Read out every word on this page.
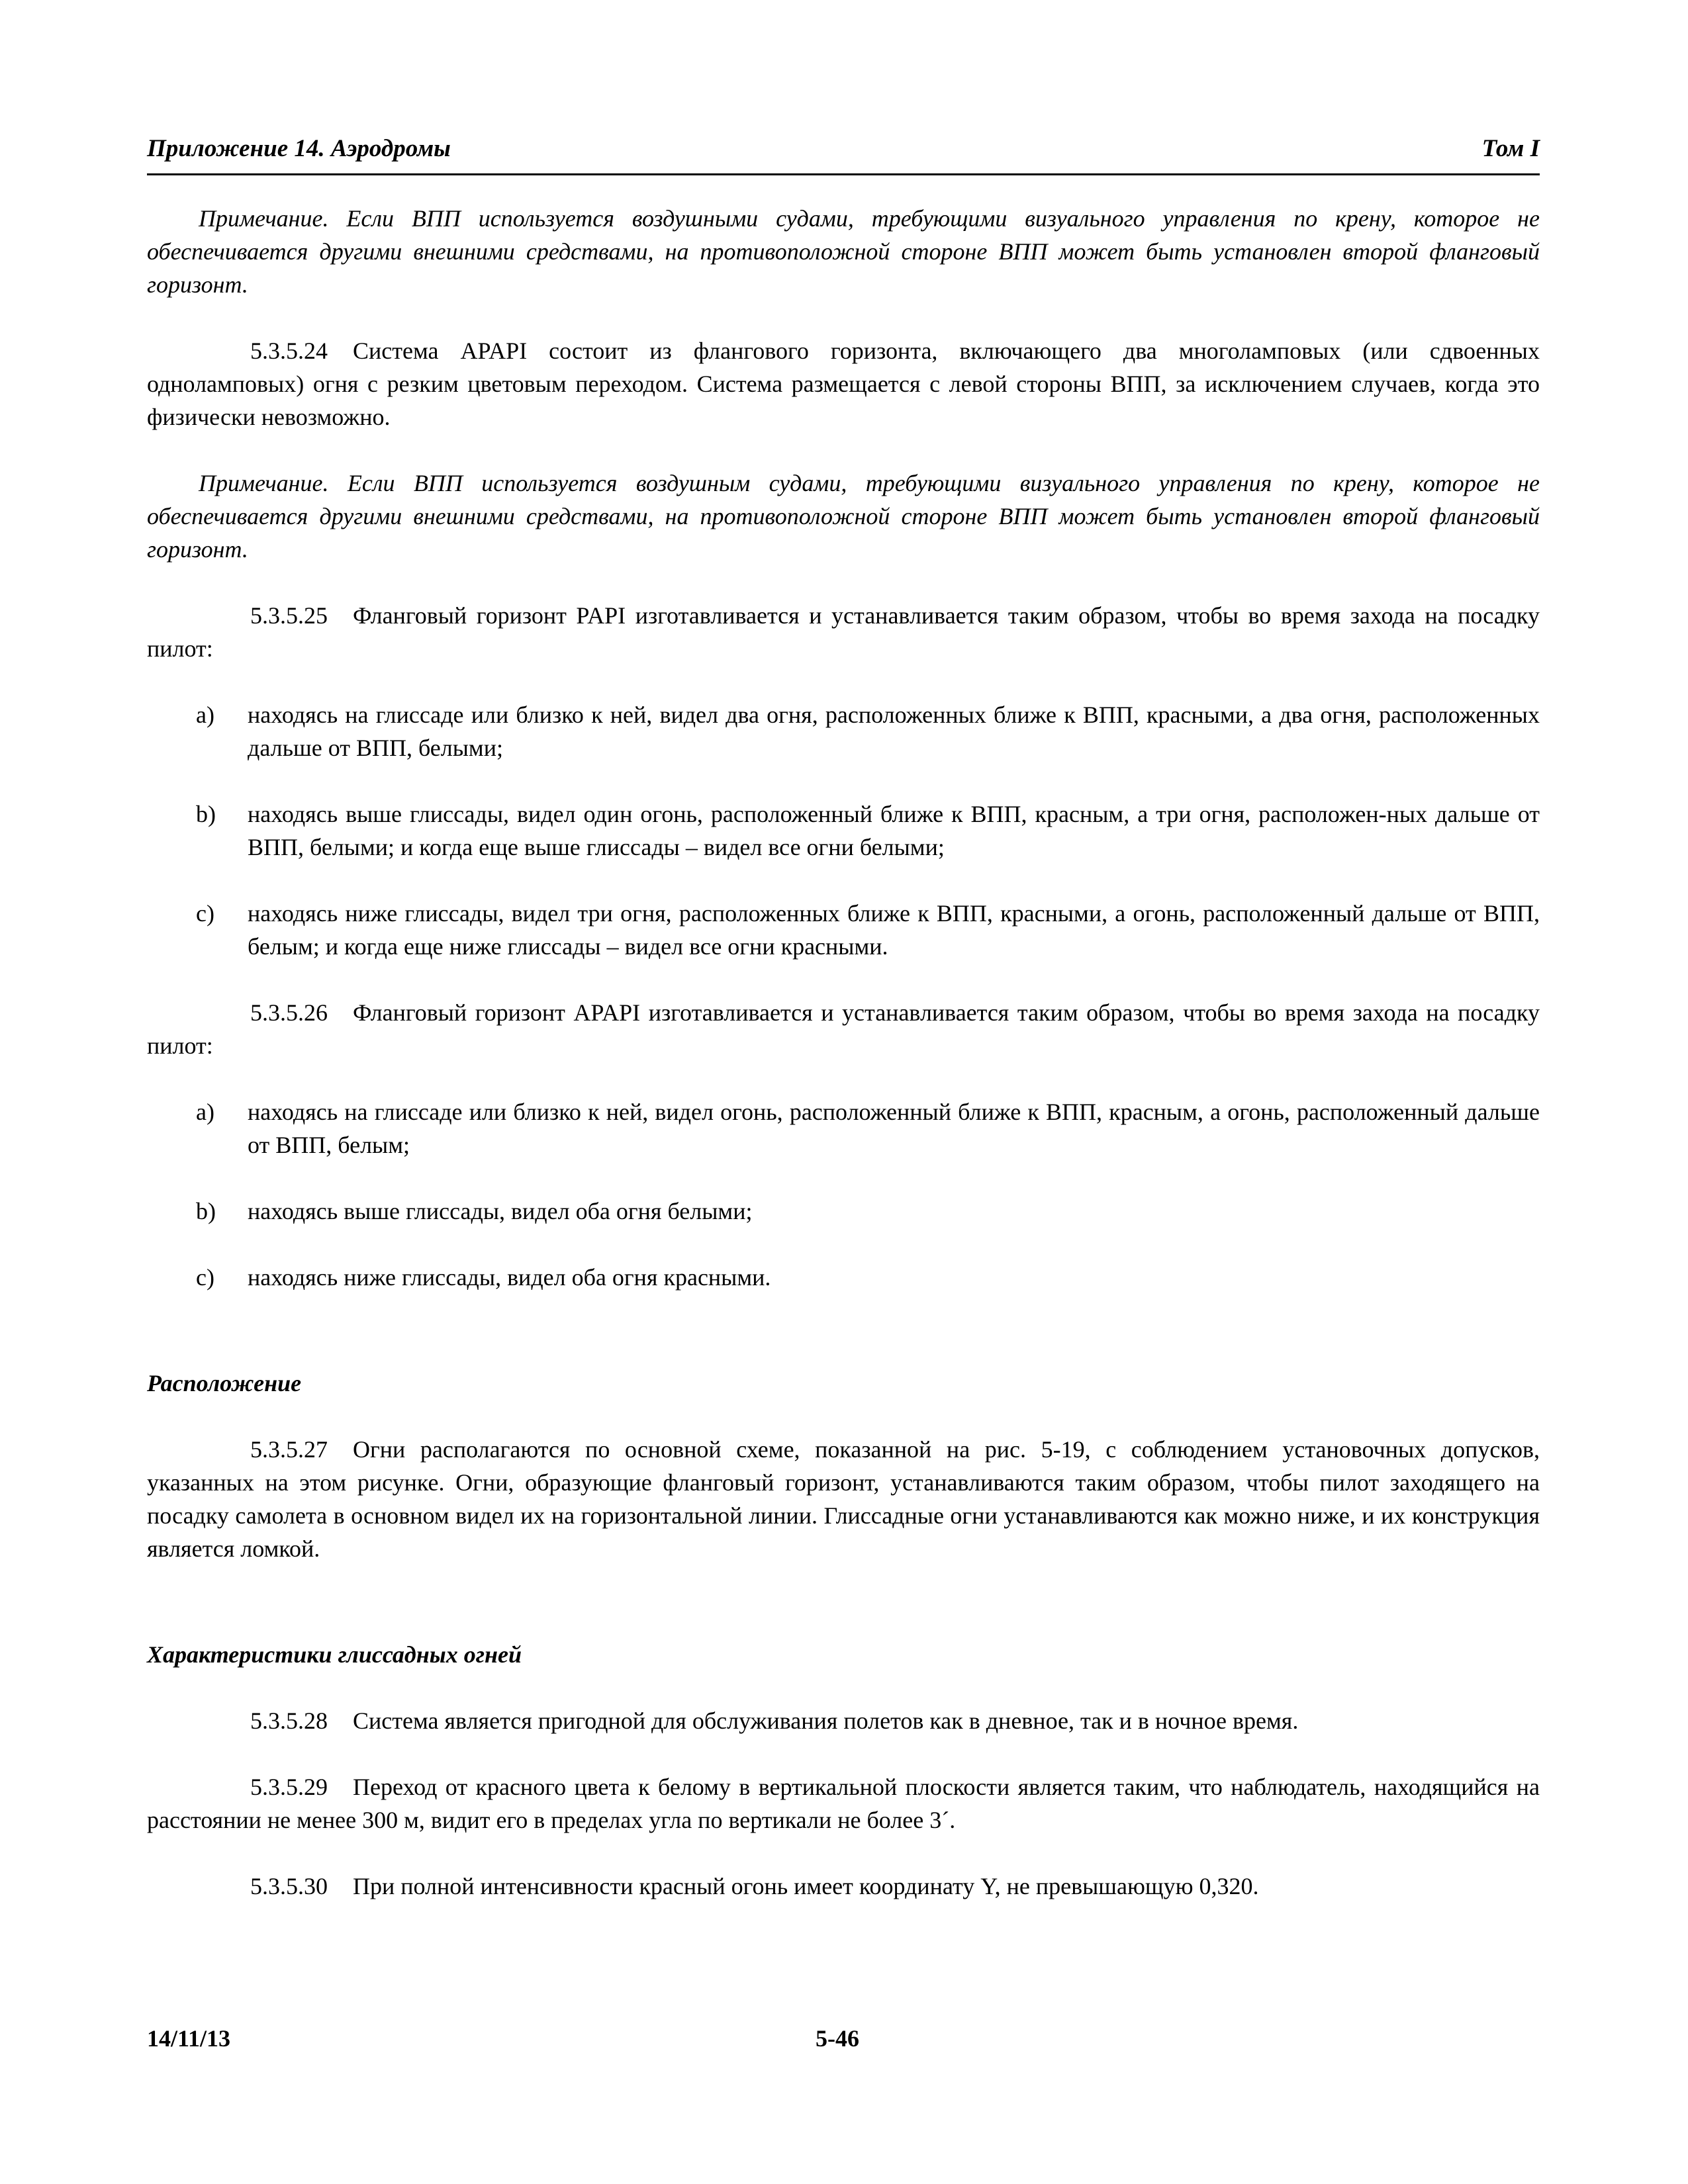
Приложение 14. Аэродромы	Том I

Примечание. Если ВПП используется воздушными судами, требующими визуального управления по крену, которое не обеспечивается другими внешними средствами, на противоположной стороне ВПП может быть установлен второй фланговый горизонт.

5.3.5.24 Система APAPI состоит из флангового горизонта, включающего два многоламповых (или сдвоенных одноламповых) огня с резким цветовым переходом. Система размещается с левой стороны ВПП, за исключением случаев, когда это физически невозможно.

Примечание. Если ВПП используется воздушным судами, требующими визуального управления по крену, которое не обеспечивается другими внешними средствами, на противоположной стороне ВПП может быть установлен второй фланговый горизонт.

5.3.5.25 Фланговый горизонт PAPI изготавливается и устанавливается таким образом, чтобы во время захода на посадку пилот:

a) находясь на глиссаде или близко к ней, видел два огня, расположенных ближе к ВПП, красными, а два огня, расположенных дальше от ВПП, белыми;
b) находясь выше глиссады, видел один огонь, расположенный ближе к ВПП, красным, а три огня, расположен-ных дальше от ВПП, белыми; и когда еще выше глиссады – видел все огни белыми;
c) находясь ниже глиссады, видел три огня, расположенных ближе к ВПП, красными, а огонь, расположенный дальше от ВПП, белым; и когда еще ниже глиссады – видел все огни красными.

5.3.5.26 Фланговый горизонт APAPI изготавливается и устанавливается таким образом, чтобы во время захода на посадку пилот:

a) находясь на глиссаде или близко к ней, видел огонь, расположенный ближе к ВПП, красным, а огонь, расположенный дальше от ВПП, белым;
b) находясь выше глиссады, видел оба огня белыми;
c) находясь ниже глиссады, видел оба огня красными.
Расположение

5.3.5.27 Огни располагаются по основной схеме, показанной на рис. 5-19, с соблюдением установочных допусков, указанных на этом рисунке. Огни, образующие фланговый горизонт, устанавливаются таким образом, чтобы пилот заходящего на посадку самолета в основном видел их на горизонтальной линии. Глиссадные огни устанавливаются как можно ниже, и их конструкция является ломкой.

Характеристики глиссадных огней

5.3.5.28 Система является пригодной для обслуживания полетов как в дневное, так и в ночное время.

5.3.5.29 Переход от красного цвета к белому в вертикальной плоскости является таким, что наблюдатель, находящийся на расстоянии не менее 300 м, видит его в пределах угла по вертикали не более 3´.

5.3.5.30 При полной интенсивности красный огонь имеет координату Y, не превышающую 0,320.

14/11/13	5-46
